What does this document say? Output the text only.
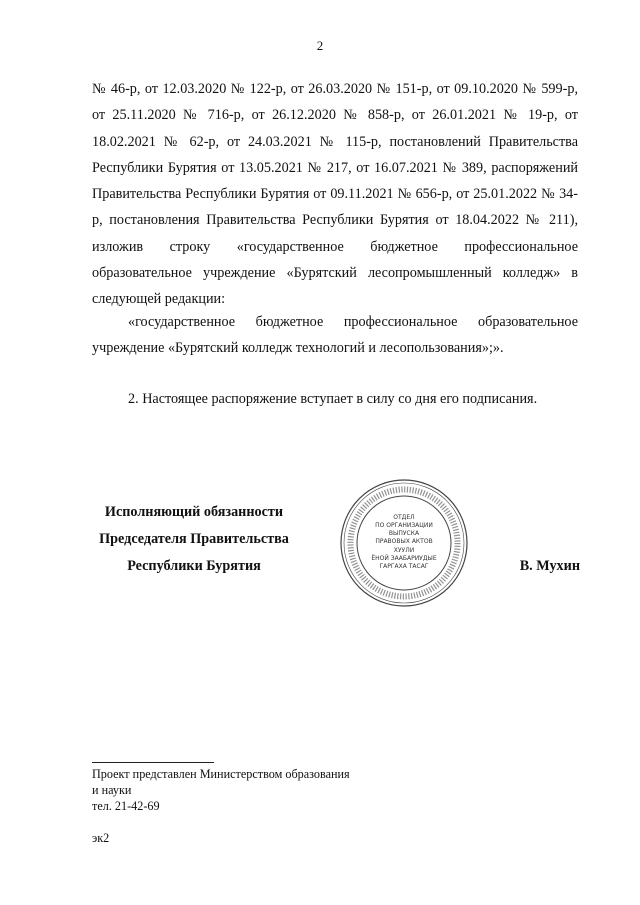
2
№ 46-р, от 12.03.2020 № 122-р, от 26.03.2020 № 151-р, от 09.10.2020 № 599-р, от 25.11.2020 № 716-р, от 26.12.2020 № 858-р, от 26.01.2021 № 19-р, от 18.02.2021 № 62-р, от 24.03.2021 № 115-р, постановлений Правительства Республики Бурятия от 13.05.2021 № 217, от 16.07.2021 № 389, распоряжений Правительства Республики Бурятия от 09.11.2021 № 656-р, от 25.01.2022 № 34-р, постановления Правительства Республики Бурятия от 18.04.2022 № 211), изложив строку «государственное бюджетное профессиональное образовательное учреждение «Бурятский лесопромышленный колледж» в следующей редакции:
«государственное бюджетное профессиональное образовательное учреждение «Бурятский колледж технологий и лесопользования»;».
2. Настоящее распоряжение вступает в силу со дня его подписания.
Исполняющий обязанности
Председателя Правительства
Республики Бурятия	В. Мухин
ОТДЕЛ
ПО ОРГАНИЗАЦИИ
ВЫПУСКА
ПРАВОВЫХ АКТОВ
ХУУЛИ
ЁНОЙ ЗААБАРИУДЫЕ
ГАРГАХА ТАСАГ
Проект представлен Министерством образования
и науки
тел. 21-42-69
эк2
